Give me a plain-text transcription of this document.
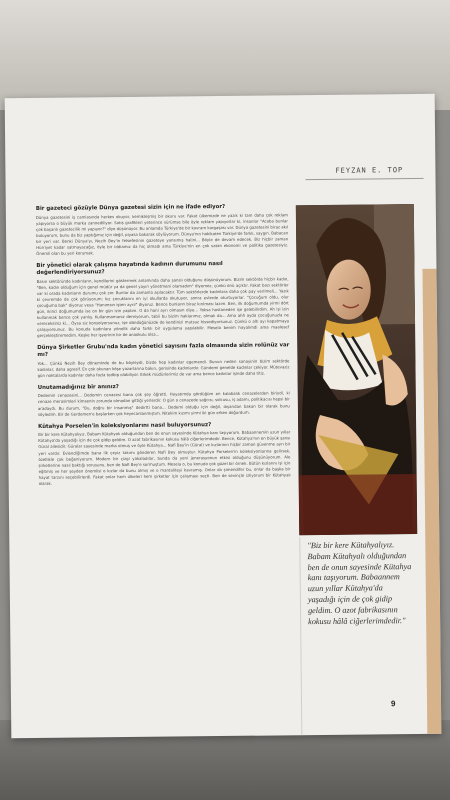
FEYZAN E. TOP

Bir gazeteci gözüyle Dünya gazetesi sizin için ne ifade ediyor?

Dünya gazetesini iş camiasında herkes okuyor, kemikleşmiş bir okuru var. Fakat ülkemizde ne yazık ki tam daha çok reklam yapıyorsa o büyük marka zannediliyor. Satış grafikleri yeterince sürümse bile öyle reklam yapıyorlar ki, insanlar "Acaba bunlar çok başarılı gazetecilik mi yapıyor?" diye düşünüyor. Bu anlamda Türkiye'de bir kavram kargaşası var. Dünya gazetesini biraz akıl buluyorum, bunu da biz yaptığımız için değil, piyasa bakarak söylüyorum. Dünya'nın hakikaten Türkiye'de farklı, saygın. Babacan bir yeri var. Benki Dünya'yı, Nezih Bey'in felsefesinin gazeteye yansımış halini... Böyle de devam edecek. Biz hiçbir zaman Hürriyet kadar satmayacağız, öyle bir iddiamız da hiç olmadı ama Türkiye'nin en çok satan ekonomi ve politika gazetesiyiz. Önemli olan bu yeri korumak.

Bir yönetici olarak çalışma hayatında kadının durumunu nasıl değerlendiriyorsunuz?

Basın sektöründe kadınların, kendilerini göstermek anlamında daha şanslı olduğunu düşünüyorum. Bizim sektörde hiçbir kadın, "Ben, kadın olduğum için genel müdür ya da genel yayın yönetmeni olamadım" diyemez, çünkü önü açıktır. Fakat bazı sektörler var ki orada kadınların durumu çok zor. Bunlar da zamanla aşılacaktır. Tüm sektörlerde kadınlara daha çok pay verilmeli... Yazık ki çevremde de çok görüyorum; kız çocuklarını en iyi okullarda okutuyor, sonra evlerde oturtuyorlar. "Çocuğum oldu, olur çocuğuma bak" diyoruz veya "Hanımsın işten ayrıl" diyoruz. Bence bunların biraz kırılması lazım. Ben, ilk doğumumda yirmi dört gün, ikinci doğumumda ise on bir gün izin yaptım. O da hani ayrı olmasın diye... Yoksa hastaneden işe gelebilirdim. Ah işi izin kullanmak bence çok yanlış. Kullanmamanız demiyorum, tabii bu bizim haklarımız, olmalı da... Ama ahh ayda çocuğunuzla ne vereceksiniz ki... Öysa siz konsolyorsunuz, işe döndüğünüzde de kendinizi mutsuz hissediyorsunuz. Çünkü o altı ayı kapatmaya çalışıyorsunuz. Bu konuda kadınlara yönelik daha farklı bir uygulama yapılabilir. Mesela benim hayalimdi ama maalesef gerçekleştiremedim. Keşke her işyerinin bir de anaokulu olsa...

Dünya Şirketler Grubu'nda kadın yönetici sayısını fazla olmasında sizin rolünüz var mı?

Yok... Çünkü Nezih Bey döneminde de bu böyleydi, bizde hep kadınlar egemendi. Bunun neden sanayinin bizim sektörde kadınlar, daha agresif. En çok okunan köşe yazarlarına bakın, gerisinde kadınlardır. Gündemi genelde kadınlar çekiyor. Mütevaziz gün noktalarda kadınlar daha fazla tedbip olabiliyor. Erkek müdürlerimiz de var ama bence kadınlar işinde daha titiz.

Unutamadığınız bir anınız?

Dedemin cenazesini... Dedemin cenazesi bana çok şey öğretti. Hayatımda gördüğüm en kalabalık cenazelerden biriydi, ki cenaze merasimleri kimsenin zorunda olmadan gittiği yerlerdir. O gün o cenazede sağcısı, solcusu, iş adamı, politikacısı hepsi bir aradaydı. Bu durum, "Bu, doğru bir insanmış" dedirtti bana... Dedemi olduğu için değil, dışarıdan bakan bir olarak bunu söyledim. Bir de Gerdemen'e başlarken çok heyecanlanmıştım. Nitekim kızımı yirmi iki gün erken doğurdum.

Kütahya Porselen'in koleksiyonlarını nasıl buluyorsunuz?

Bir bir kere Kütahyalıyız. Babam Kütahyalı olduğundan ben de onun sayesinde Kütahya kanı taşıyorum. Babaannemin uzun yıllar Kütahya'da yaşadığı için de çok gidip geldim. O azot fabrikasının kokusu hâlâ ciğerlerimdedir. Bence, Kütahya'nın en büyük şansı Güral ailesidir. Güralar sayesinde marka olmuş ve öyle Kütahya... Nafi Bey'in (Güral) ve kızlarının hiçbir zaman güvenme ayrı bir yeri vardır. Evlendiğimde bana ilk çeyiz takımı gönderen Nafi Bey olmuştur. Kütahya Porselen'in koleksiyonlarına gelirsek, özellikle çok beğeniyorum. Modern bir çizgi yakaladılar, bunda da yeni jenerasyonun etkisi olduğunu düşünüyorum. Ale şirketlerine nasıl baktığı sorusunu, ben de Nafi Bey'e sormuştum. Mesela o, bu konuda çok güzel bir örnek. Bütün kızlarını işi için eğitmiş ve her şeyden önemlisi o kızlar da bunu almış ve o mantaliteyi kavramış. Onlar da şimendifer bu, onlar da başka bir hayat tarzını seçebilirlerdi. Fakat onlar hem ülkeleri hem şirketler için çalışmayı seçti. Ben de sevinçle izliyorum bir Kütahyalı olarak.

"Biz bir kere Kütahyalıyız. Babam Kütahyalı olduğundan ben de onun sayesinde Kütahya kanı taşıyorum. Babaannem uzun yıllar Kütahya'da yaşadığı için de çok gidip geldim. O azot fabrikasının kokusu hâlâ ciğerlerimdedir."

9
